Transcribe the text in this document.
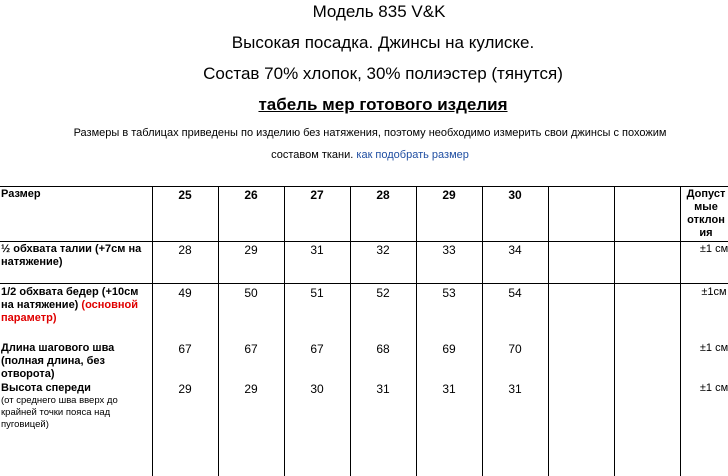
Модель 835 V&K
Высокая посадка. Джинсы на кулиске.
Состав 70% хлопок, 30% полиэстер (тянутся)
табель мер готового изделия
Размеры в таблицах приведены по изделию без натяжения, поэтому необходимо измерить свои джинсы с похожим составом ткани. как подобрать размер
Размер	25	26	27	28	29	30	Допуст мые отклон ия
½ обхвата талии (+7см на натяжение)
28	29	31	32	33	34	±1 см
1/2 обхвата бедер (+10см на натяжение) (основной параметр)
49	50	51	52	53	54	±1см
Длина шагового шва (полная длина, без отворота)
67	67	67	68	69	70	±1 см
Высота спереди
(от среднего шва вверх до крайней точки пояса над пуговицей)
29	29	30	31	31	31	±1 см
